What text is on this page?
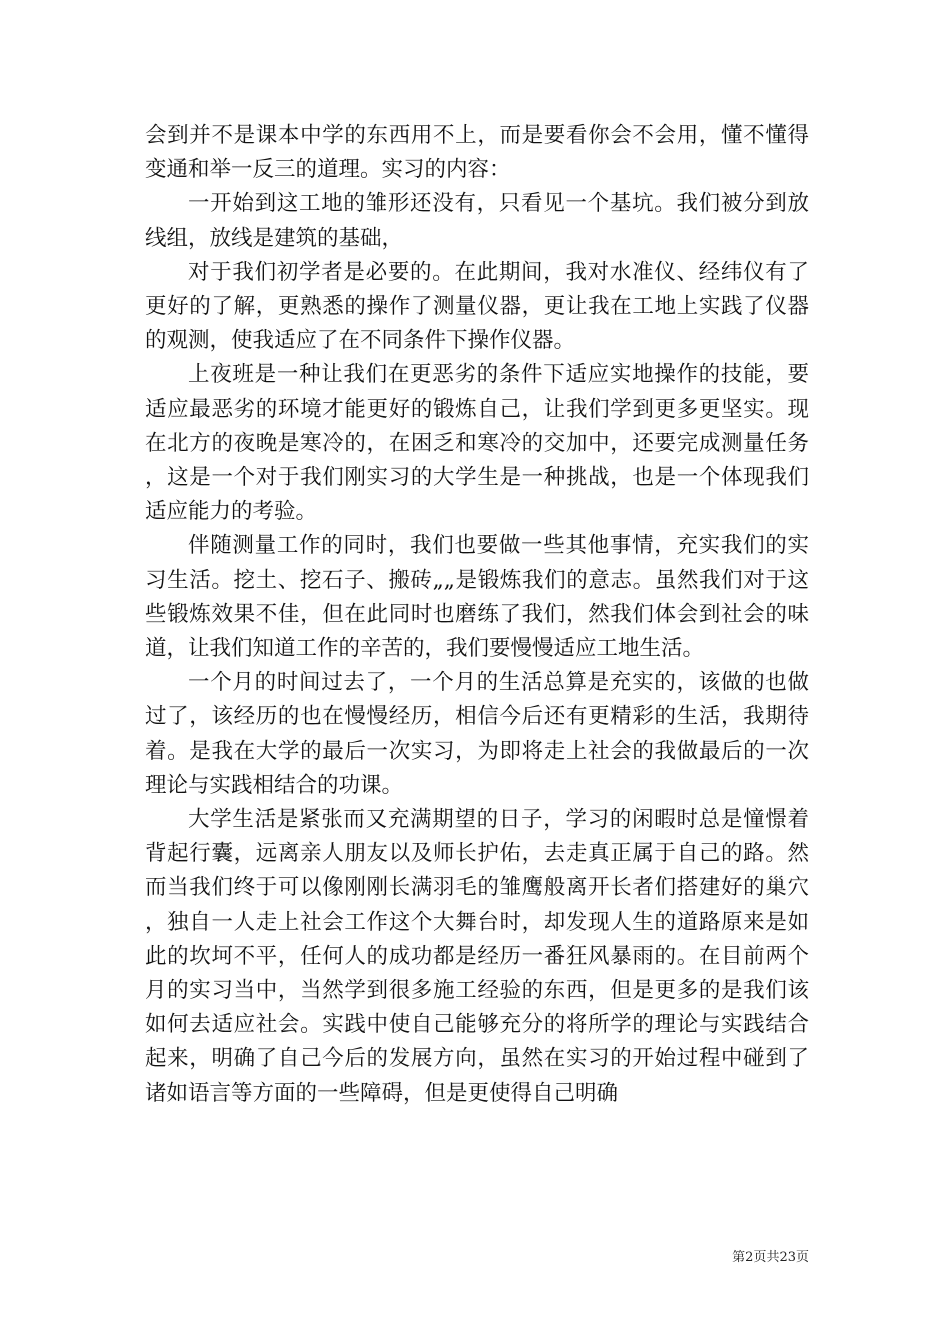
会到并不是课本中学的东西用不上，而是要看你会不会用，懂不懂得变通和举一反三的道理。实习的内容：

一开始到这工地的雏形还没有，只看见一个基坑。我们被分到放线组，放线是建筑的基础，

对于我们初学者是必要的。在此期间，我对水准仪、经纬仪有了更好的了解，更熟悉的操作了测量仪器，更让我在工地上实践了仪器的观测，使我适应了在不同条件下操作仪器。

上夜班是一种让我们在更恶劣的条件下适应实地操作的技能，要适应最恶劣的环境才能更好的锻炼自己，让我们学到更多更坚实。现在北方的夜晚是寒冷的，在困乏和寒冷的交加中，还要完成测量任务，这是一个对于我们刚实习的大学生是一种挑战，也是一个体现我们适应能力的考验。

伴随测量工作的同时，我们也要做一些其他事情，充实我们的实习生活。挖土、挖石子、搬砖„„是锻炼我们的意志。虽然我们对于这些锻炼效果不佳，但在此同时也磨练了我们，然我们体会到社会的味道，让我们知道工作的辛苦的，我们要慢慢适应工地生活。

一个月的时间过去了，一个月的生活总算是充实的，该做的也做过了，该经历的也在慢慢经历，相信今后还有更精彩的生活，我期待着。是我在大学的最后一次实习，为即将走上社会的我做最后的一次理论与实践相结合的功课。

大学生活是紧张而又充满期望的日子，学习的闲暇时总是憧憬着背起行囊，远离亲人朋友以及师长护佑，去走真正属于自己的路。然而当我们终于可以像刚刚长满羽毛的雏鹰般离开长者们搭建好的巢穴，独自一人走上社会工作这个大舞台时，却发现人生的道路原来是如此的坎坷不平，任何人的成功都是经历一番狂风暴雨的。在目前两个月的实习当中，当然学到很多施工经验的东西，但是更多的是我们该如何去适应社会。实践中使自己能够充分的将所学的理论与实践结合起来，明确了自己今后的发展方向，虽然在实习的开始过程中碰到了诸如语言等方面的一些障碍，但是更使得自己明确

第2页共23页
